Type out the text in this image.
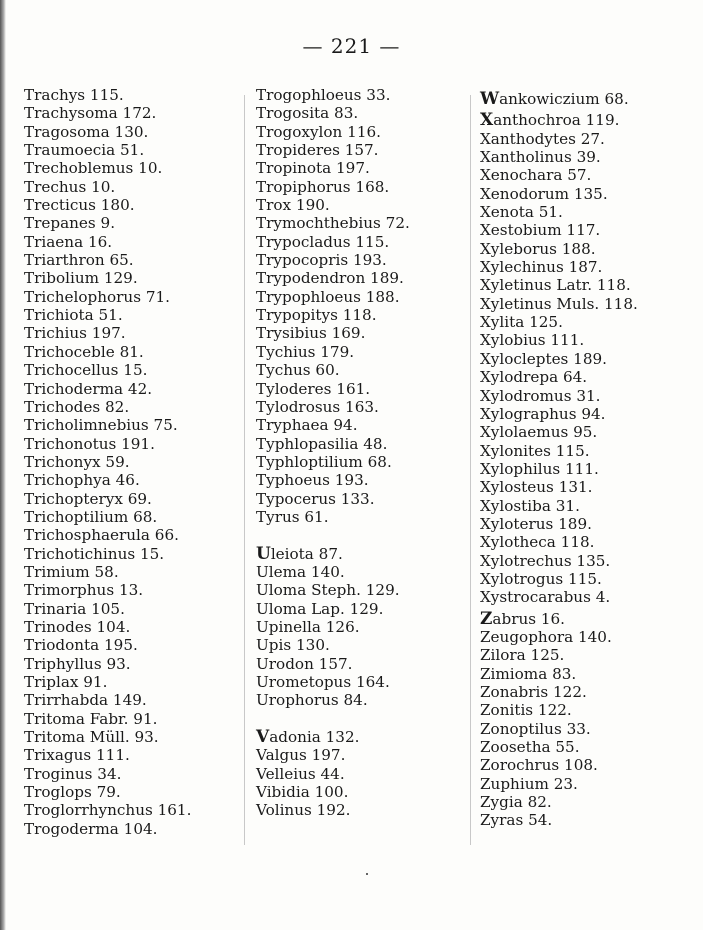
— 221 —
Trachys 115.
Trachysoma 172.
Tragosoma 130.
Traumoecia 51.
Trechoblemus 10.
Trechus 10.
Trecticus 180.
Trepanes 9.
Triaena 16.
Triarthron 65.
Tribolium 129.
Trichelophorus 71.
Trichiota 51.
Trichius 197.
Trichoceble 81.
Trichocellus 15.
Trichoderma 42.
Trichodes 82.
Tricholimnebius 75.
Trichonotus 191.
Trichonyx 59.
Trichophya 46.
Trichopteryx 69.
Trichoptilium 68.
Trichosphaerula 66.
Trichotichinus 15.
Trimium 58.
Trimorphus 13.
Trinaria 105.
Trinodes 104.
Triodonta 195.
Triphyllus 93.
Triplax 91.
Trirrhabda 149.
Tritoma Fabr. 91.
Tritoma Müll. 93.
Trixagus 111.
Troginus 34.
Troglops 79.
Troglorrhynchus 161.
Trogoderma 104.
Trogophloeus 33.
Trogosita 83.
Trogoxylon 116.
Tropideres 157.
Tropinota 197.
Tropiphorus 168.
Trox 190.
Trymochthebius 72.
Trypocladus 115.
Trypocopris 193.
Trypodendron 189.
Trypophloeus 188.
Trypopitys 118.
Trysibius 169.
Tychius 179.
Tychus 60.
Tyloderes 161.
Tylodrosus 163.
Tryphaea 94.
Typhlopasilia 48.
Typhloptilium 68.
Typhoeus 193.
Typocerus 133.
Tyrus 61.
Uleiota 87.
Ulema 140.
Uloma Steph. 129.
Uloma Lap. 129.
Upinella 126.
Upis 130.
Urodon 157.
Urometopus 164.
Urophorus 84.
Vadonia 132.
Valgus 197.
Velleius 44.
Vibidia 100.
Volinus 192.
Wankowiczium 68.
Xanthochroa 119.
Xanthodytes 27.
Xantholinus 39.
Xenochara 57.
Xenodorum 135.
Xenota 51.
Xestobium 117.
Xyleborus 188.
Xylechinus 187.
Xyletinus Latr. 118.
Xyletinus Muls. 118.
Xylita 125.
Xylobius 111.
Xylocleptes 189.
Xylodrepa 64.
Xylodromus 31.
Xylographus 94.
Xylolaemus 95.
Xylonites 115.
Xylophilus 111.
Xylosteus 131.
Xylostiba 31.
Xyloterus 189.
Xylotheca 118.
Xylotrechus 135.
Xylotrogus 115.
Xystrocarabus 4.
Zabrus 16.
Zeugophora 140.
Zilora 125.
Zimioma 83.
Zonabris 122.
Zonitis 122.
Zonoptilus 33.
Zoosetha 55.
Zorochrus 108.
Zuphium 23.
Zygia 82.
Zyras 54.
